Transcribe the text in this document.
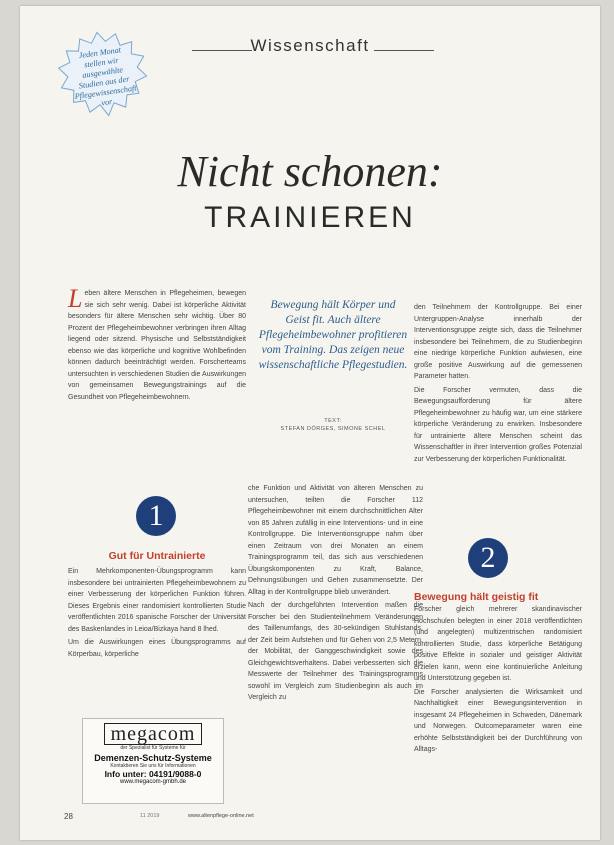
Wissenschaft
Jeden Monat stellen wir ausgewählte Studien aus der Pflegewissenschaft vor
Nicht schonen:
TRAINIEREN
L eben ältere Menschen in Pflegeheimen, bewegen sie sich sehr wenig. Dabei ist körperliche Aktivität besonders für ältere Menschen sehr wichtig. Über 80 Prozent der Pflegeheimbewohner verbringen ihren Alltag liegend oder sitzend. Physische und Selbstständigkeit ebenso wie das körperliche und kognitive Wohlbefinden können dadurch beeinträchtigt werden. Forscherteams untersuchten in verschiedenen Studien die Auswirkungen von gemeinsamen Bewegungstrainings auf die Gesundheit von Pflegeheimbewohnern.
Bewegung hält Körper und Geist fit. Auch ältere Pflegeheimbewohner profitieren vom Training. Das zeigen neue wissenschaftliche Pflegestudien.
TEXT:
STEFAN DÖRGES, SIMONE SCHEL
1
Gut für Untrainierte

Ein Mehrkomponenten-Übungsprogramm kann insbesondere bei untrainierten Pflegeheimbewohnern zu einer Verbesserung der körperlichen Funktion führen. Dieses Ergebnis einer randomisiert kontrollierten Studie veröffentlichten 2016 spanische Forscher der Universität des Baskenlandes in Leioa/Bizkaya hand 8 lhed.

Um die Auswirkungen eines Übungsprogramms auf Körperbau, körperliche

che Funktion und Aktivität von älteren Menschen zu untersuchen, teilten die Forscher 112 Pflegeheimbewohner mit einem durchschnittlichen Alter von 85 Jahren zufällig in eine Interventions- und in eine Kontrollgruppe. Die Interventionsgruppe nahm über einen Zeitraum von drei Monaten an einem Trainingsprogramm teil, das sich aus verschiedenen Übungskomponenten zu Kraft, Balance, Dehnungsübungen und Gehen zusammensetzte. Der Alltag in der Kontrollgruppe blieb unverändert.

Nach der durchgeführten Intervention maßen die Forscher bei den Studienteilnehmern Veränderungen des Taillenumfangs, des 30-sekündigen Stuhlstands, der Zeit beim Aufstehen und für Gehen von 2,5 Metern, der Mobilität, der Ganggeschwindigkeit sowie des Gleichgewichtsverhaltens. Dabei verbesserten sich die Messwerte der Teilnehmer des Trainingsprogramms sowohl im Vergleich zum Studienbeginn als auch im Vergleich zu

den Teilnehmern der Kontrollgruppe. Bei einer Untergruppen-Analyse innerhalb der Interventionsgruppe zeigte sich, dass die Teilnehmer insbesondere bei Teilnehmern, die zu Studienbeginn eine niedrige körperliche Funktion aufwiesen, eine große positive Auswirkung auf die gemessenen Parameter hatten.

Die Forscher vermuten, dass die Bewegungsaufforderung für ältere Pflegeheimbewohner zu häufig war, um eine stärkere körperliche Veränderung zu erwirken. Insbesondere für untrainierte ältere Menschen scheint das Wissenschaftler in ihrer Intervention großes Potenzial zur Verbesserung der körperlichen Funktionalität.

2
Bewegung hält geistig fit

Forscher gleich mehrerer skandinavischer Hochschulen belegten in einer 2018 veröffentlichten (und angelegten) multizentrischen randomisiert kontrollierten Studie, dass körperliche Betätigung positive Effekte in sozialer und geistiger Aktivität erzielen kann, wenn eine kontinuierliche Anleitung und Unterstützung gegeben ist.

Die Forscher analysierten die Wirksamkeit und Nachhaltigkeit einer Bewegungsintervention in insgesamt 24 Pflegeheimen in Schweden, Dänemark und Norwegen. Outcomeparameter waren eine erhöhte Selbstständigkeit bei der Durchführung von Alltags-

megacom
der Spezialist für Systeme für
Demenzen-Schutz-Systeme
Kontaktieren Sie uns für Informationen
Info unter: 04191/9088-0
www.megacom-gmbh.de
28	11 2019	www.altenpflege-online.net
